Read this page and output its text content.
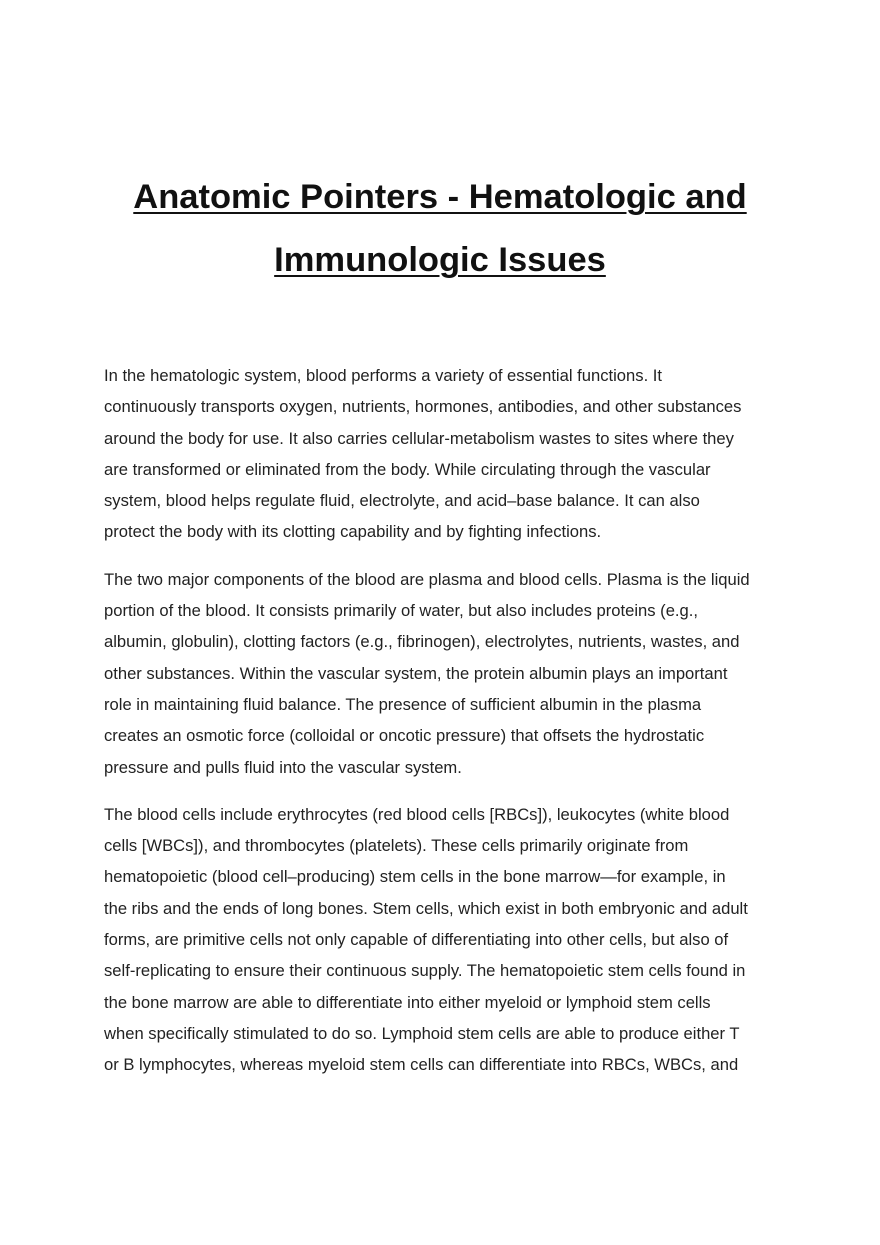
Anatomic Pointers - Hematologic and
Immunologic Issues

In the hematologic system, blood performs a variety of essential functions. It
continuously transports oxygen, nutrients, hormones, antibodies, and other substances
around the body for use. It also carries cellular-metabolism wastes to sites where they
are transformed or eliminated from the body. While circulating through the vascular
system, blood helps regulate fluid, electrolyte, and acid–base balance. It can also
protect the body with its clotting capability and by fighting infections.

The two major components of the blood are plasma and blood cells. Plasma is the liquid
portion of the blood. It consists primarily of water, but also includes proteins (e.g.,
albumin, globulin), clotting factors (e.g., fibrinogen), electrolytes, nutrients, wastes, and
other substances. Within the vascular system, the protein albumin plays an important
role in maintaining fluid balance. The presence of sufficient albumin in the plasma
creates an osmotic force (colloidal or oncotic pressure) that offsets the hydrostatic
pressure and pulls fluid into the vascular system.

The blood cells include erythrocytes (red blood cells [RBCs]), leukocytes (white blood
cells [WBCs]), and thrombocytes (platelets). These cells primarily originate from
hematopoietic (blood cell–producing) stem cells in the bone marrow—for example, in
the ribs and the ends of long bones. Stem cells, which exist in both embryonic and adult
forms, are primitive cells not only capable of differentiating into other cells, but also of
self-replicating to ensure their continuous supply. The hematopoietic stem cells found in
the bone marrow are able to differentiate into either myeloid or lymphoid stem cells
when specifically stimulated to do so. Lymphoid stem cells are able to produce either T
or B lymphocytes, whereas myeloid stem cells can differentiate into RBCs, WBCs, and
